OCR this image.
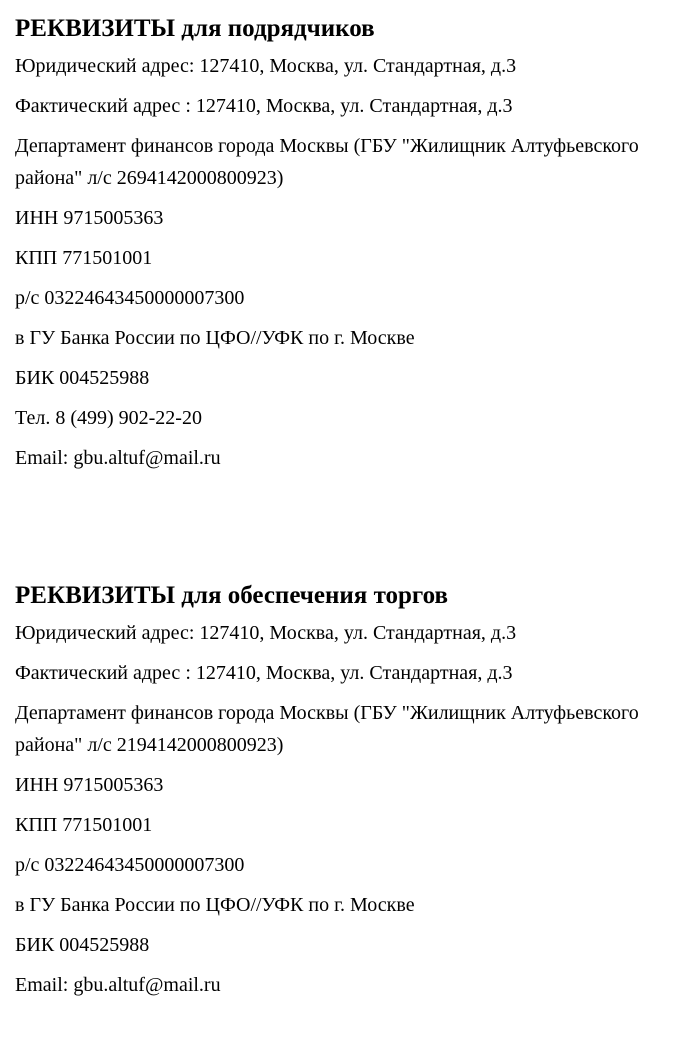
РЕКВИЗИТЫ для подрядчиков

Юридический адрес: 127410, Москва, ул. Стандартная, д.3

Фактический адрес : 127410, Москва, ул. Стандартная, д.3

Департамент финансов города Москвы (ГБУ "Жилищник Алтуфьевского района" л/с 2694142000800923)

ИНН 9715005363

КПП 771501001

р/с 03224643450000007300

в ГУ Банка России по ЦФО//УФК по г. Москве

БИК 004525988

Тел. 8 (499) 902-22-20

Email: gbu.altuf@mail.ru

РЕКВИЗИТЫ для обеспечения торгов

Юридический адрес: 127410, Москва, ул. Стандартная, д.3

Фактический адрес : 127410, Москва, ул. Стандартная, д.3

Департамент финансов города Москвы (ГБУ "Жилищник Алтуфьевского района" л/с 2194142000800923)

ИНН 9715005363

КПП 771501001

р/с 03224643450000007300

в ГУ Банка России по ЦФО//УФК по г. Москве

БИК 004525988

Email: gbu.altuf@mail.ru
